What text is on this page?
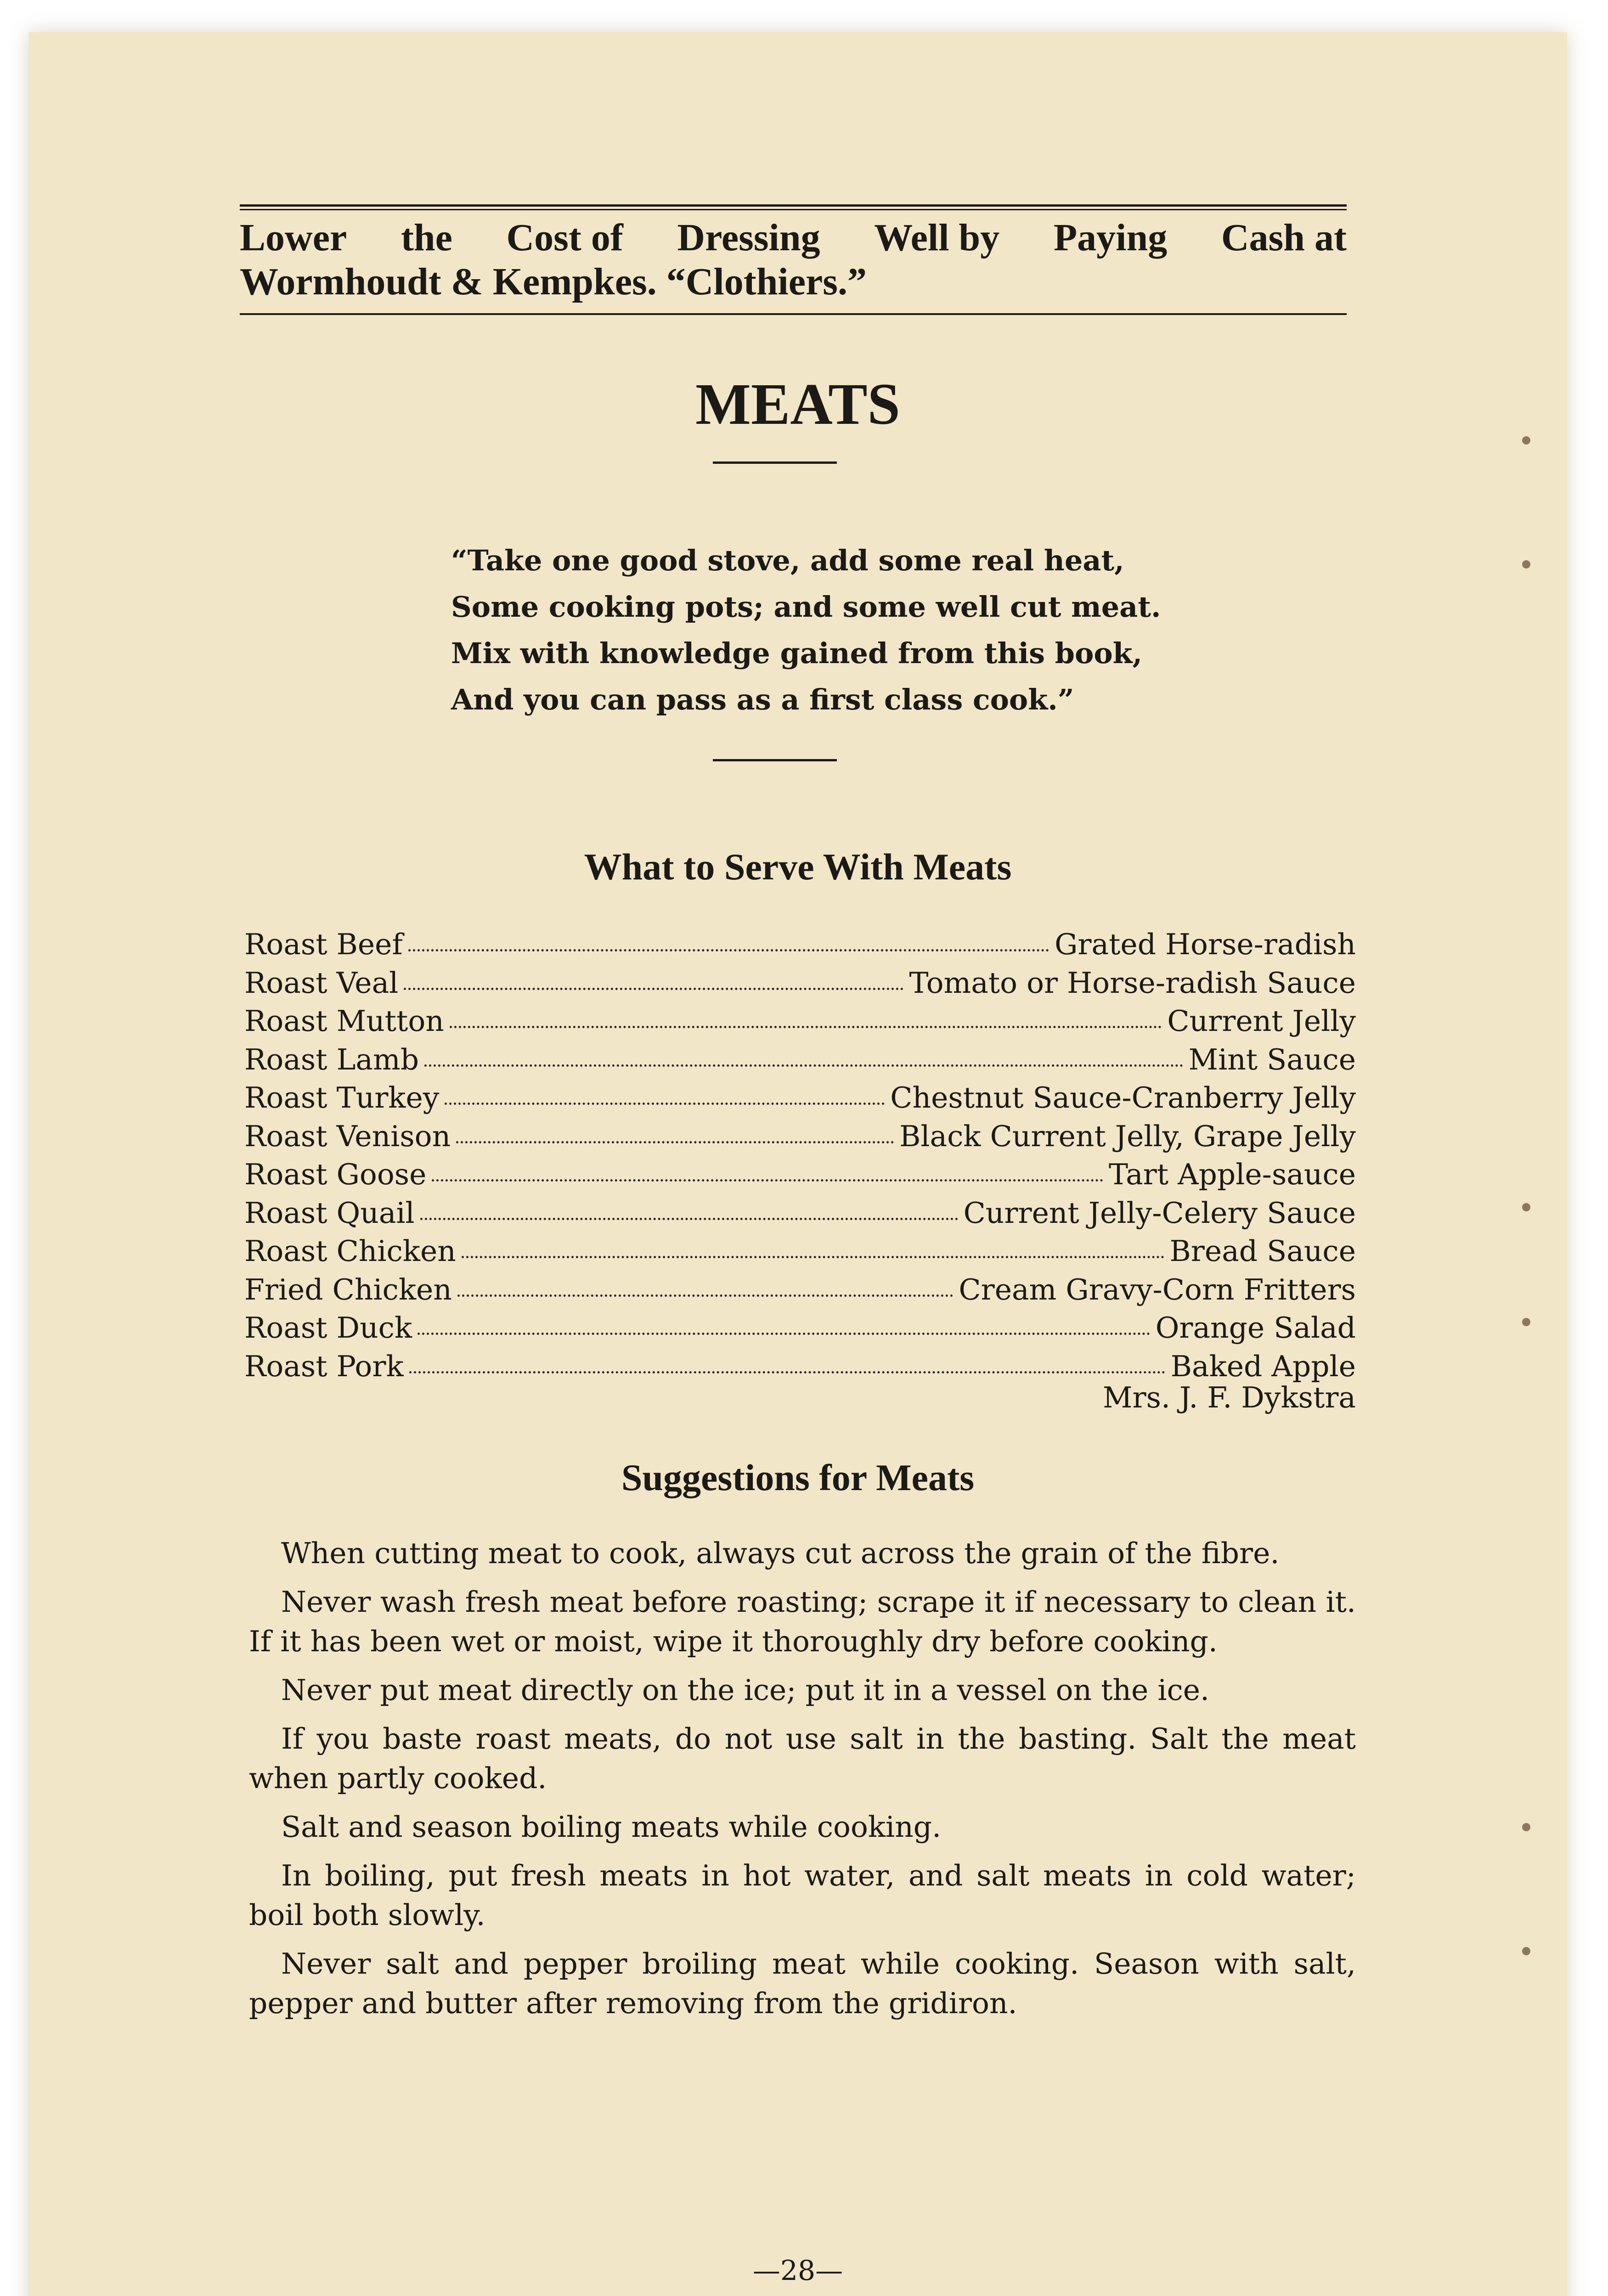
Lower the Cost of Dressing Well by Paying Cash at
Wormhoudt & Kempkes. “Clothiers.”
MEATS
“Take one good stove, add some real heat,
Some cooking pots; and some well cut meat.
Mix with knowledge gained from this book,
And you can pass as a first class cook.”
What to Serve With Meats
Roast Beef	Grated Horse-radish
Roast Veal	Tomato or Horse-radish Sauce
Roast Mutton	Current Jelly
Roast Lamb	Mint Sauce
Roast Turkey	Chestnut Sauce-Cranberry Jelly
Roast Venison	Black Current Jelly, Grape Jelly
Roast Goose	Tart Apple-sauce
Roast Quail	Current Jelly-Celery Sauce
Roast Chicken	Bread Sauce
Fried Chicken	Cream Gravy-Corn Fritters
Roast Duck	Orange Salad
Roast Pork	Baked Apple
Mrs. J. F. Dykstra
Suggestions for Meats

When cutting meat to cook, always cut across the grain of the fibre.

Never wash fresh meat before roasting; scrape it if necessary to clean it. If it has been wet or moist, wipe it thoroughly dry before cooking.

Never put meat directly on the ice; put it in a vessel on the ice.

If you baste roast meats, do not use salt in the basting. Salt the meat when partly cooked.

Salt and season boiling meats while cooking.

In boiling, put fresh meats in hot water, and salt meats in cold water; boil both slowly.

Never salt and pepper broiling meat while cooking. Season with salt, pepper and butter after removing from the gridiron.

—28—
